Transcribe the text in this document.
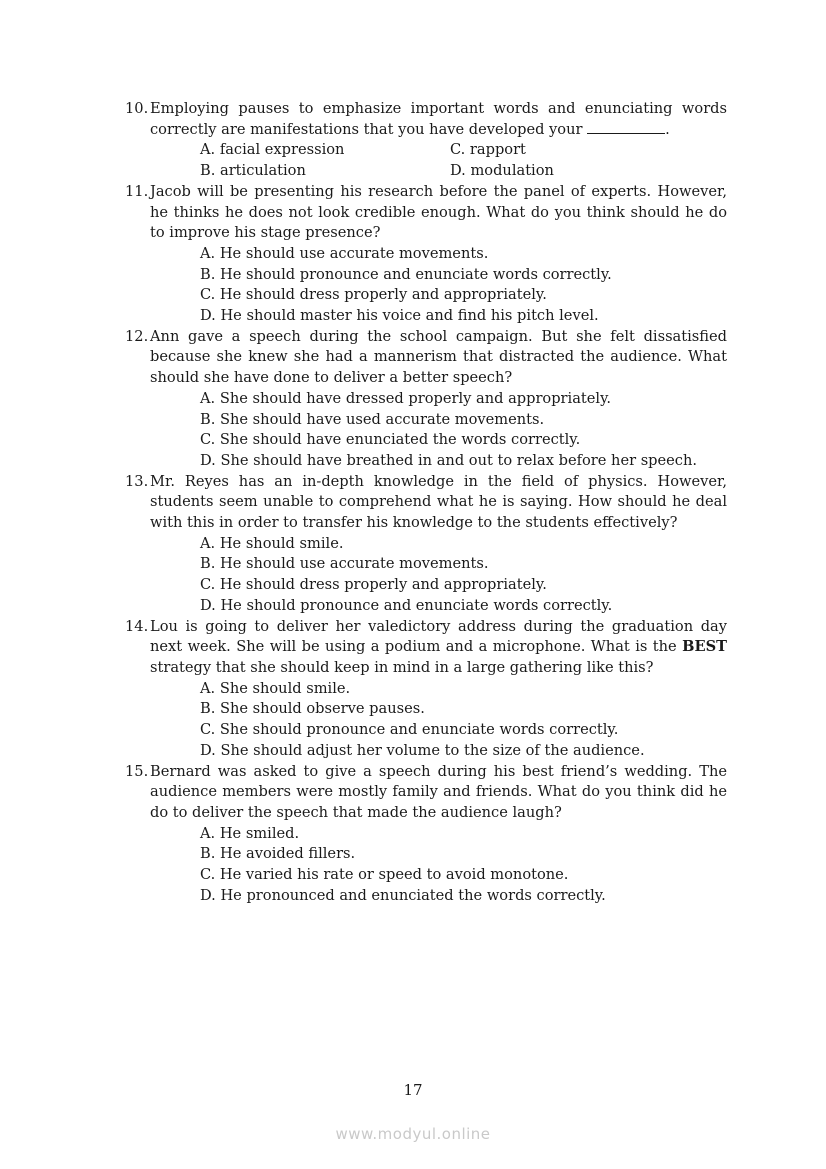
10. Employing pauses to emphasize important words and enunciating words correctly are manifestations that you have developed your	.
A. facial expression	C. rapport
B. articulation	D. modulation
11. Jacob will be presenting his research before the panel of experts. However, he thinks he does not look credible enough. What do you think should he do to improve his stage presence?
A. He should use accurate movements.
B. He should pronounce and enunciate words correctly.
C. He should dress properly and appropriately.
D. He should master his voice and find his pitch level.
12. Ann gave a speech during the school campaign. But she felt dissatisfied because she knew she had a mannerism that distracted the audience. What should she have done to deliver a better speech?
A. She should have dressed properly and appropriately.
B. She should have used accurate movements.
C. She should have enunciated the words correctly.
D. She should have breathed in and out to relax before her speech.
13. Mr. Reyes has an in-depth knowledge in the field of physics. However, students seem unable to comprehend what he is saying. How should he deal with this in order to transfer his knowledge to the students effectively?
A. He should smile.
B. He should use accurate movements.
C. He should dress properly and appropriately.
D. He should pronounce and enunciate words correctly.
14. Lou is going to deliver her valedictory address during the graduation day next week. She will be using a podium and a microphone. What is the BEST strategy that she should keep in mind in a large gathering like this?
A. She should smile.
B. She should observe pauses.
C. She should pronounce and enunciate words correctly.
D. She should adjust her volume to the size of the audience.
15. Bernard was asked to give a speech during his best friend’s wedding. The audience members were mostly family and friends. What do you think did he do to deliver the speech that made the audience laugh?
A. He smiled.
B. He avoided fillers.
C. He varied his rate or speed to avoid monotone.
D. He pronounced and enunciated the words correctly.
17
www.modyul.online
